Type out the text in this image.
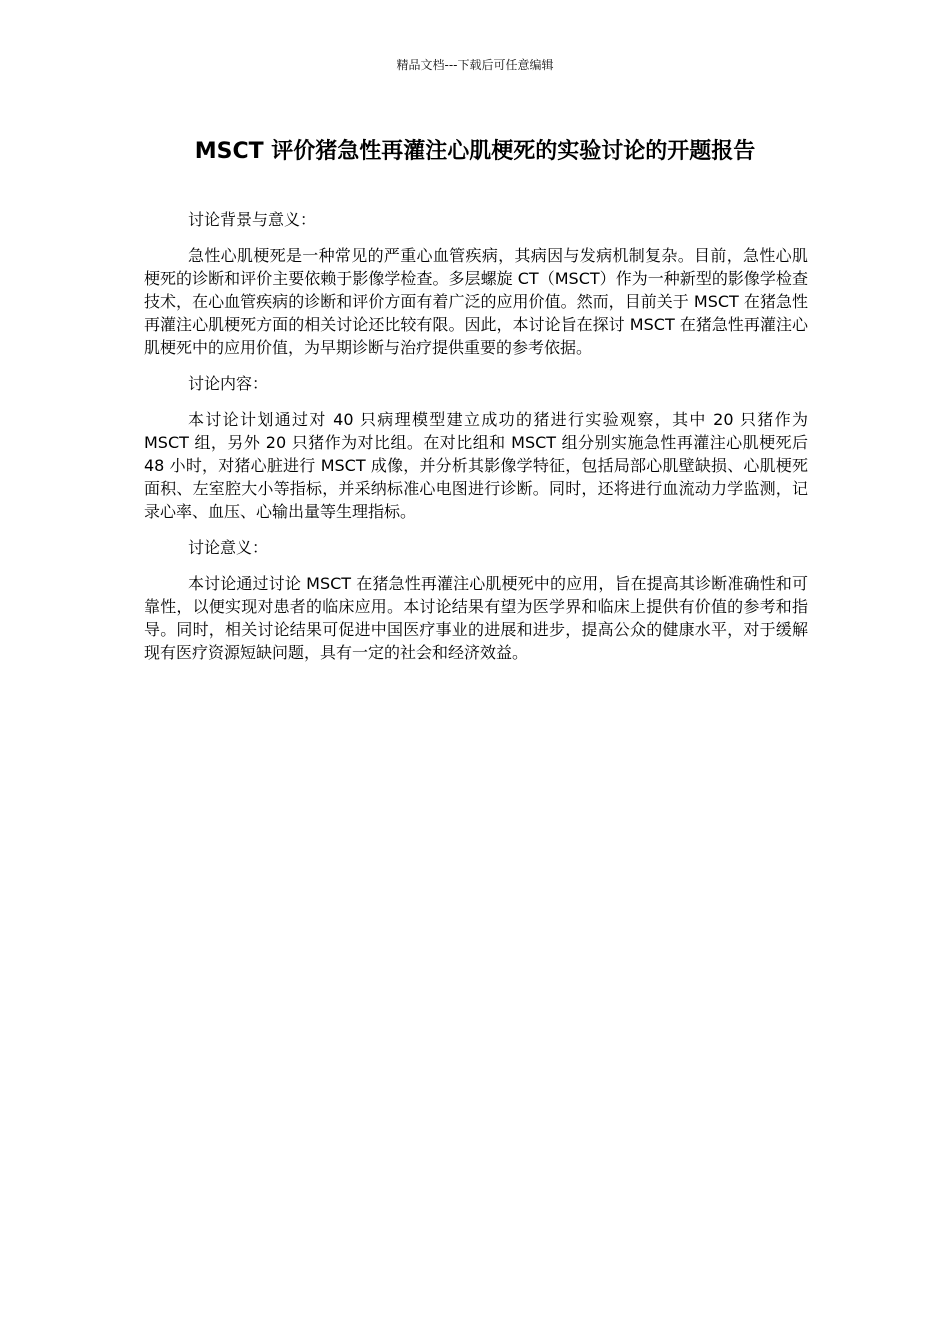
精品文档---下载后可任意编辑
MSCT 评价猪急性再灌注心肌梗死的实验讨论的开题报告

讨论背景与意义：

急性心肌梗死是一种常见的严重心血管疾病，其病因与发病机制复杂。目前，急性心肌梗死的诊断和评价主要依赖于影像学检查。多层螺旋 CT（MSCT）作为一种新型的影像学检查技术，在心血管疾病的诊断和评价方面有着广泛的应用价值。然而，目前关于 MSCT 在猪急性再灌注心肌梗死方面的相关讨论还比较有限。因此，本讨论旨在探讨 MSCT 在猪急性再灌注心肌梗死中的应用价值，为早期诊断与治疗提供重要的参考依据。

讨论内容：

本讨论计划通过对 40 只病理模型建立成功的猪进行实验观察，其中 20 只猪作为 MSCT 组，另外 20 只猪作为对比组。在对比组和 MSCT 组分别实施急性再灌注心肌梗死后 48 小时，对猪心脏进行 MSCT 成像，并分析其影像学特征，包括局部心肌壁缺损、心肌梗死面积、左室腔大小等指标，并采纳标准心电图进行诊断。同时，还将进行血流动力学监测，记录心率、血压、心输出量等生理指标。

讨论意义：

本讨论通过讨论 MSCT 在猪急性再灌注心肌梗死中的应用，旨在提高其诊断准确性和可靠性，以便实现对患者的临床应用。本讨论结果有望为医学界和临床上提供有价值的参考和指导。同时，相关讨论结果可促进中国医疗事业的进展和进步，提高公众的健康水平，对于缓解现有医疗资源短缺问题，具有一定的社会和经济效益。
